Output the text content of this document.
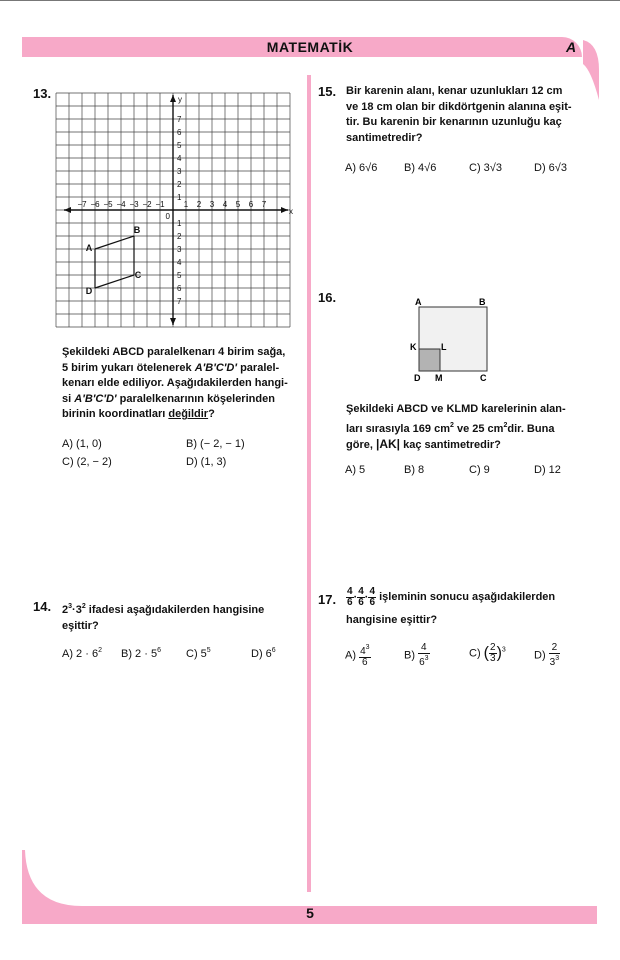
MATEMATİK	A
5
13.
−7 −6 −5 −4 −3 −2 −1 1 2 3 4 5 6 7
0
1
2
3
4
5
6
7
1
2
3
4
5
6
7
x
y
A
B
C
D
Şekildeki ABCD paralelkenarı 4 birim sağa,
5 birim yukarı ötelenerek A′B′C′D′ paralel-
kenarı elde ediliyor. Aşağıdakilerden hangi-
si A′B′C′D′ paralelkenarının köşelerinden
birinin koordinatları değildir?
A) (1, 0)	B) (− 2, − 1)
C) (2, − 2)	D) (1, 3)
14. $2^3\cdot 3^2$ ifadesi aşağıdakilerden hangisine
eşittir?
A) $2 \cdot 6^2$ B) $2 \cdot 5^6$ C) $5^5$	D) $6^6$
15. Bir karenin alanı, kenar uzunlukları 12 cm
ve 18 cm olan bir dikdörtgenin alanına eşit-
tir. Bu karenin bir kenarının uzunluğu kaç
santimetredir?
A) 6√6 B) 4√6	C) 3√3	D) 6√3
16.	A	B
K	L
D M	C
Şekildeki ABCD ve KLMD karelerinin alan-
ları sırasıyla 169 $cm^2$ ve 25 $cm^2dir$. Buna
göre, |AK| kaç santimetredir?
A) 5	B) 8	C) 9	D) 12
17. $\frac{4}{6} \cdot \frac{4}{6} \cdot \frac{4}{6}$ işleminin sonucu aşağıdakilerden
hangisine eşittir?
$A) \frac{4^3}{6}$	$B) \frac{4}{6^3}$	C) ( $\frac{2}{3} )^3$	$D) \frac{2}{3^3}$
